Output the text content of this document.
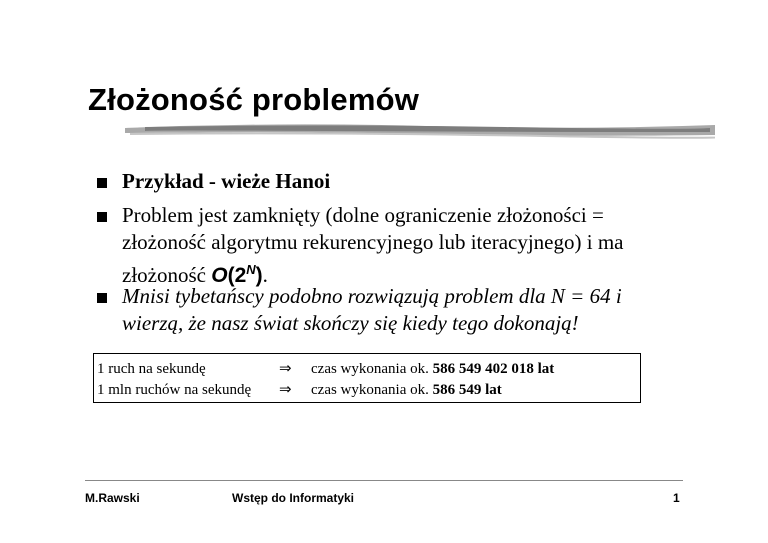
Złożoność problemów
Przykład - wieże Hanoi
Problem jest zamknięty (dolne ograniczenie złożoności =
złożoność algorytmu rekurencyjnego lub iteracyjnego) i ma
złożoność $O(2^N)$.
Mnisi tybetańscy podobno rozwiązują problem dla N = 64 i
wierzą, że nasz świat skończy się kiedy tego dokonają!
1 ruch na sekundę	⇒ czas wykonania ok. 586 549 402 018 lat
1 mln ruchów na sekundę ⇒ czas wykonania ok. 586 549 lat
M.Rawski	Wstęp do Informatyki	1
